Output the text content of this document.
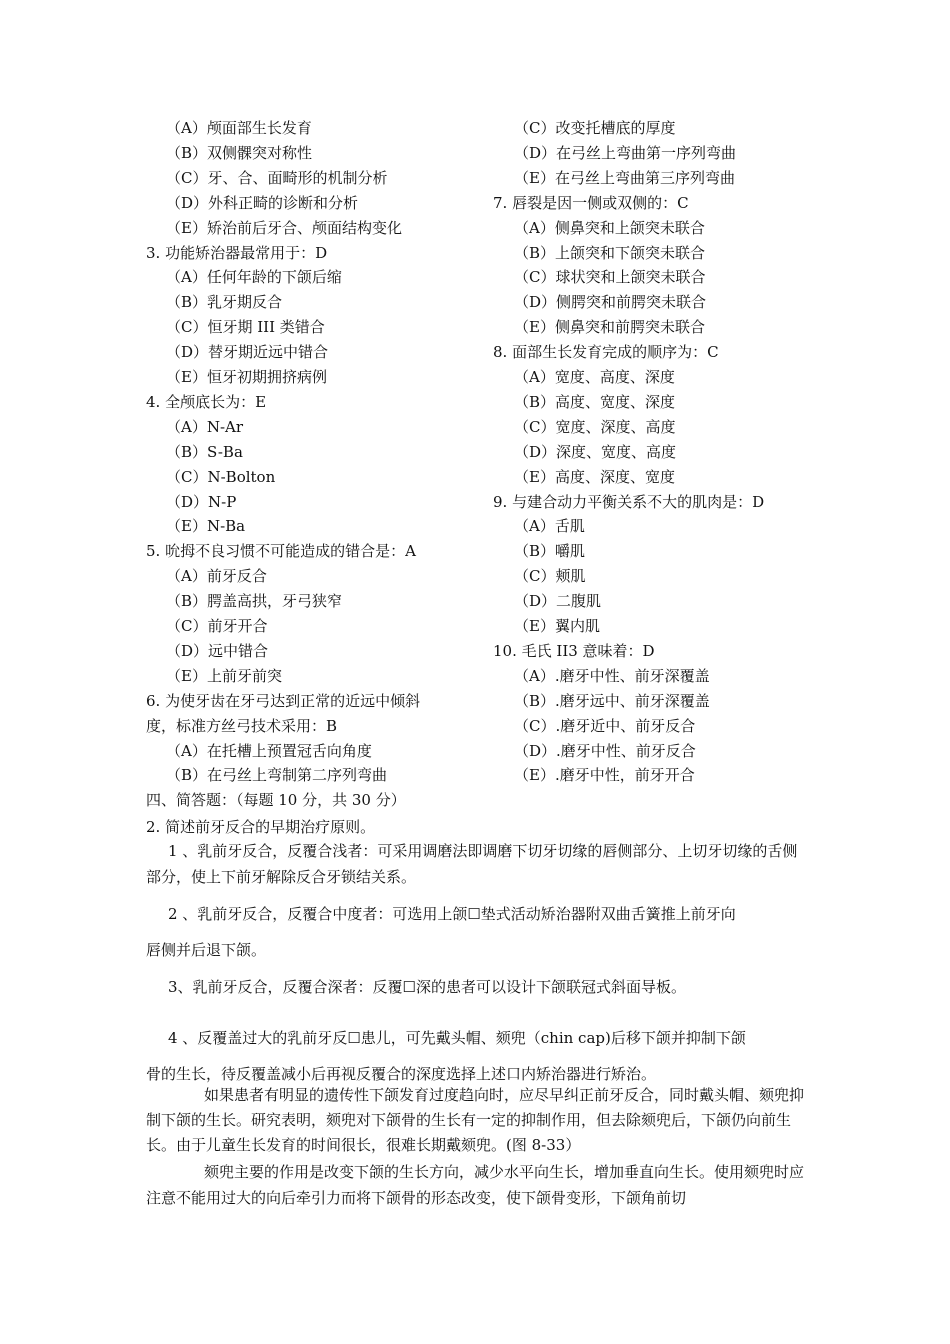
（A）颅面部生长发育
（B）双侧髁突对称性
（C）牙、合、面畸形的机制分析
（D）外科正畸的诊断和分析
（E）矫治前后牙合、颅面结构变化
3. 功能矫治器最常用于：D
（A）任何年龄的下颌后缩
（B）乳牙期反合
（C）恒牙期 III 类错合
（D）替牙期近远中错合
（E）恒牙初期拥挤病例
4. 全颅底长为：E
（A）N-Ar
（B）S-Ba
（C）N-Bolton
（D）N-P
（E）N-Ba
5. 吮拇不良习惯不可能造成的错合是：A
（A）前牙反合
（B）腭盖高拱，牙弓狭窄
（C）前牙开合
（D）远中错合
（E）上前牙前突
6. 为使牙齿在牙弓达到正常的近远中倾斜
度，标准方丝弓技术采用：B
（A）在托槽上预置冠舌向角度
（B）在弓丝上弯制第二序列弯曲
四、简答题：（每题 10 分，共 30 分）
（C）改变托槽底的厚度
（D）在弓丝上弯曲第一序列弯曲
（E）在弓丝上弯曲第三序列弯曲
7. 唇裂是因一侧或双侧的：C
（A）侧鼻突和上颌突未联合
（B）上颌突和下颌突未联合
（C）球状突和上颌突未联合
（D）侧腭突和前腭突未联合
（E）侧鼻突和前腭突未联合
8. 面部生长发育完成的顺序为：C
（A）宽度、高度、深度
（B）高度、宽度、深度
（C）宽度、深度、高度
（D）深度、宽度、高度
（E）高度、深度、宽度
9. 与建合动力平衡关系不大的肌肉是：D
（A）舌肌
（B）嚼肌
（C）颊肌
（D）二腹肌
（E）翼内肌
10. 毛氏 II3 意味着：D
（A）.磨牙中性、前牙深覆盖
（B）.磨牙远中、前牙深覆盖
（C）.磨牙近中、前牙反合
（D）.磨牙中性、前牙反合
（E）.磨牙中性，前牙开合
2. 简述前牙反合的早期治疗原则。
1 、乳前牙反合，反覆合浅者：可采用调磨法即调磨下切牙切缘的唇侧部分、上切牙切缘的舌侧部分，使上下前牙解除反合牙锁结关系。
2 、乳前牙反合，反覆合中度者：可选用上颌☐垫式活动矫治器附双曲舌簧推上前牙向
唇侧并后退下颌。
3、乳前牙反合，反覆合深者：反覆☐深的患者可以设计下颌联冠式斜面导板。
4 、反覆盖过大的乳前牙反☐患儿，可先戴头帽、颏兜（chin cap)后移下颌并抑制下颌
骨的生长，待反覆盖减小后再视反覆合的深度选择上述口内矫治器进行矫治。
如果患者有明显的遗传性下颌发育过度趋向时，应尽早纠正前牙反合，同时戴头帽、颏兜抑制下颌的生长。研究表明，颏兜对下颌骨的生长有一定的抑制作用，但去除颏兜后，下颌仍向前生长。由于儿童生长发育的时间很长，很难长期戴颏兜。(图 8-33）
颏兜主要的作用是改变下颌的生长方向，减少水平向生长，增加垂直向生长。使用颏兜时应注意不能用过大的向后牵引力而将下颌骨的形态改变，使下颌骨变形，下颌角前切
